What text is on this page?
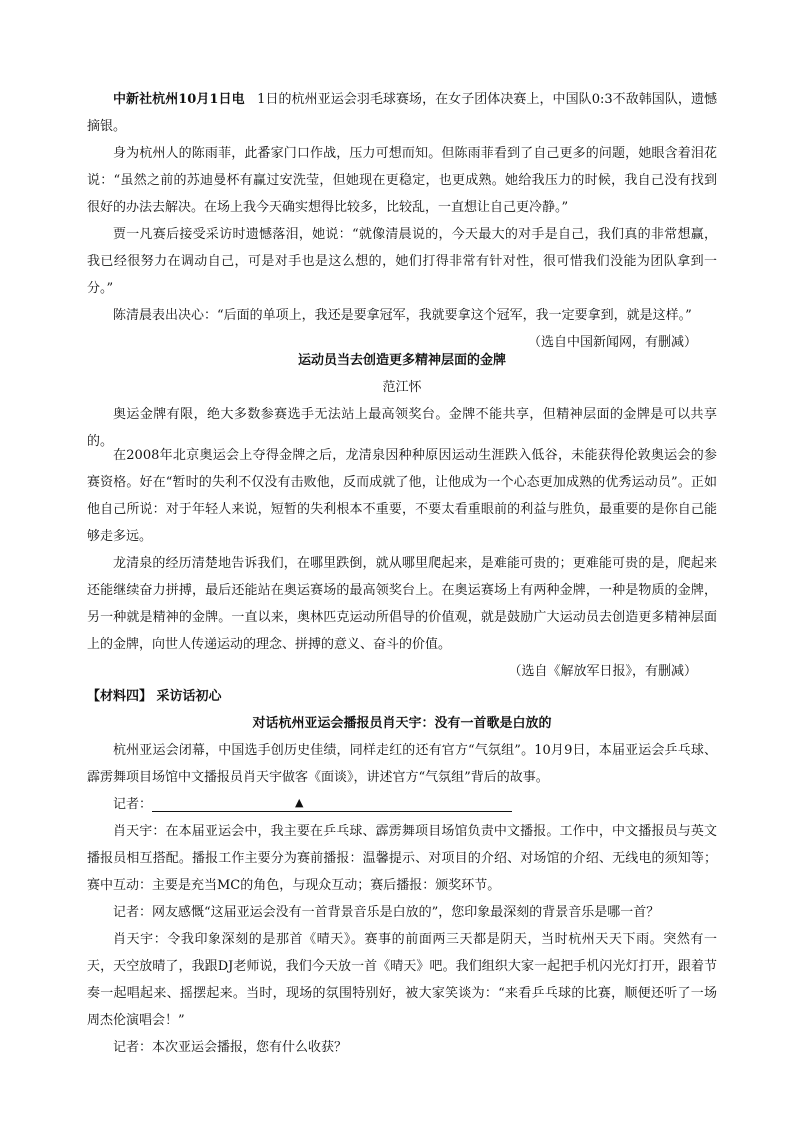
中新社杭州10月1日电 1日的杭州亚运会羽毛球赛场，在女子团体决赛上，中国队0:3不敌韩国队，遗憾摘银。

身为杭州人的陈雨菲，此番家门口作战，压力可想而知。但陈雨菲看到了自己更多的问题，她眼含着泪花说：“虽然之前的苏迪曼杯有赢过安洗莹，但她现在更稳定，也更成熟。她给我压力的时候，我自己没有找到很好的办法去解决。在场上我今天确实想得比较多，比较乱，一直想让自己更冷静。”

贾一凡赛后接受采访时遗憾落泪，她说：“就像清晨说的，今天最大的对手是自己，我们真的非常想赢，我已经很努力在调动自己，可是对手也是这么想的，她们打得非常有针对性，很可惜我们没能为团队拿到一分。”

陈清晨表出决心：“后面的单项上，我还是要拿冠军，我就要拿这个冠军，我一定要拿到，就是这样。”

（选自中国新闻网，有删减）

运动员当去创造更多精神层面的金牌

范江怀

奥运金牌有限，绝大多数参赛选手无法站上最高领奖台。金牌不能共享，但精神层面的金牌是可以共享的。

在2008年北京奥运会上夺得金牌之后，龙清泉因种种原因运动生涯跌入低谷，未能获得伦敦奥运会的参赛资格。好在“暂时的失利不仅没有击败他，反而成就了他，让他成为一个心态更加成熟的优秀运动员”。正如他自己所说：对于年轻人来说，短暂的失利根本不重要，不要太看重眼前的利益与胜负，最重要的是你自己能够走多远。

龙清泉的经历清楚地告诉我们，在哪里跌倒，就从哪里爬起来，是难能可贵的；更难能可贵的是，爬起来还能继续奋力拼搏，最后还能站在奥运赛场的最高领奖台上。在奥运赛场上有两种金牌，一种是物质的金牌，另一种就是精神的金牌。一直以来，奥林匹克运动所倡导的价值观，就是鼓励广大运动员去创造更多精神层面上的金牌，向世人传递运动的理念、拼搏的意义、奋斗的价值。

（选自《解放军日报》，有删减）

【材料四】 采访话初心

对话杭州亚运会播报员肖天宇：没有一首歌是白放的

杭州亚运会闭幕，中国选手创历史佳绩，同样走红的还有官方“气氛组”。10月9日，本届亚运会乒乓球、霹雳舞项目场馆中文播报员肖天宇做客《面谈》，讲述官方“气氛组”背后的故事。

记者：	▲

肖天宇：在本届亚运会中，我主要在乒乓球、霹雳舞项目场馆负责中文播报。工作中，中文播报员与英文播报员相互搭配。播报工作主要分为赛前播报：温馨提示、对项目的介绍、对场馆的介绍、无线电的须知等；赛中互动：主要是充当MC的角色，与现众互动；赛后播报：颁奖环节。

记者：网友感慨“这届亚运会没有一首背景音乐是白放的”，您印象最深刻的背景音乐是哪一首？

肖天宇：令我印象深刻的是那首《晴天》。赛事的前面两三天都是阴天，当时杭州天天下雨。突然有一天，天空放晴了，我跟DJ老师说，我们今天放一首《晴天》吧。我们组织大家一起把手机闪光灯打开，跟着节奏一起唱起来、摇摆起来。当时，现场的氛围特别好，被大家笑谈为：“来看乒乓球的比赛，顺便还听了一场周杰伦演唱会！”

记者：本次亚运会播报，您有什么收获？
